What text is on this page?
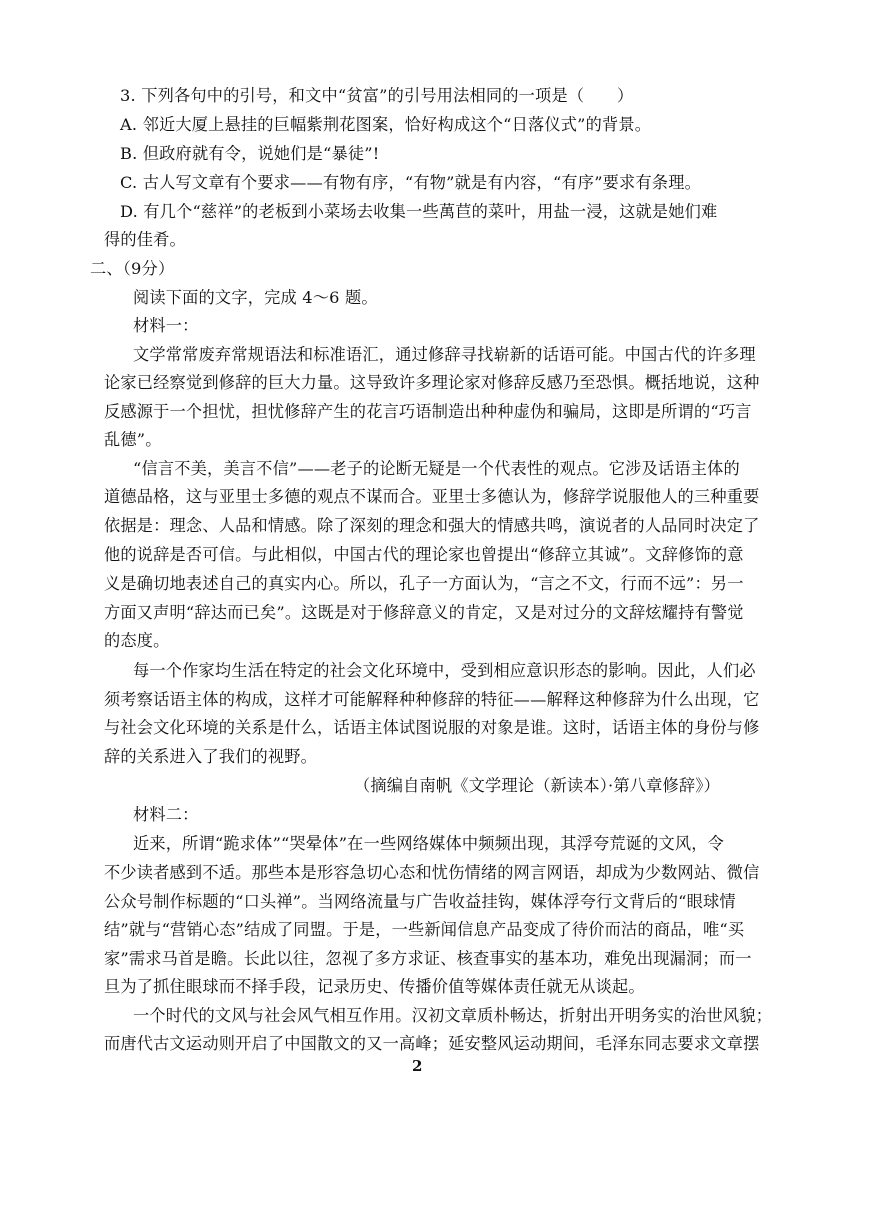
3. 下列各句中的引号，和文中“贫富”的引号用法相同的一项是（　　）
A. 邻近大厦上悬挂的巨幅紫荆花图案，恰好构成这个“日落仪式”的背景。
B. 但政府就有令，说她们是“暴徒”!
C. 古人写文章有个要求——有物有序，“有物”就是有内容，“有序”要求有条理。
D. 有几个“慈祥”的老板到小菜场去收集一些萬苣的菜叶，用盐一浸，这就是她们难
得的佳肴。
二、（9分）
阅读下面的文字，完成 4～6 题。
材料一：
文学常常废弃常规语法和标准语汇，通过修辞寻找崭新的话语可能。中国古代的许多理
论家已经察觉到修辞的巨大力量。这导致许多理论家对修辞反感乃至恐惧。概括地说，这种
反感源于一个担忧，担忧修辞产生的花言巧语制造出种种虚伪和骗局，这即是所谓的“巧言
乱德”。
“信言不美，美言不信”——老子的论断无疑是一个代表性的观点。它涉及话语主体的
道德品格，这与亚里士多德的观点不谋而合。亚里士多德认为，修辞学说服他人的三种重要
依据是：理念、人品和情感。除了深刻的理念和强大的情感共鸣，演说者的人品同时决定了
他的说辞是否可信。与此相似，中国古代的理论家也曾提出“修辞立其诚”。文辞修饰的意
义是确切地表述自己的真实内心。所以，孔子一方面认为，“言之不文，行而不远”：另一
方面又声明“辞达而已矣”。这既是对于修辞意义的肯定，又是对过分的文辞炫耀持有警觉
的态度。
每一个作家均生活在特定的社会文化环境中，受到相应意识形态的影响。因此，人们必
须考察话语主体的构成，这样才可能解释种种修辞的特征——解释这种修辞为什么出现，它
与社会文化环境的关系是什么，话语主体试图说服的对象是谁。这时，话语主体的身份与修
辞的关系进入了我们的视野。
（摘编自南帆《文学理论（新读本）·第八章修辞》）
材料二：
近来，所谓“跪求体”“哭晕体”在一些网络媒体中频频出现，其浮夸荒诞的文风，令
不少读者感到不适。那些本是形容急切心态和忧伤情绪的网言网语，却成为少数网站、微信
公众号制作标题的“口头禅”。当网络流量与广告收益挂钩，媒体浮夸行文背后的“眼球情
结”就与“营销心态”结成了同盟。于是，一些新闻信息产品变成了待价而沽的商品，唯“买
家”需求马首是瞻。长此以往，忽视了多方求证、核查事实的基本功，难免出现漏洞；而一
旦为了抓住眼球而不择手段，记录历史、传播价值等媒体责任就无从谈起。
一个时代的文风与社会风气相互作用。汉初文章质朴畅达，折射出开明务实的治世风貌；
而唐代古文运动则开启了中国散文的又一高峰；延安整风运动期间，毛泽东同志要求文章摆
2
